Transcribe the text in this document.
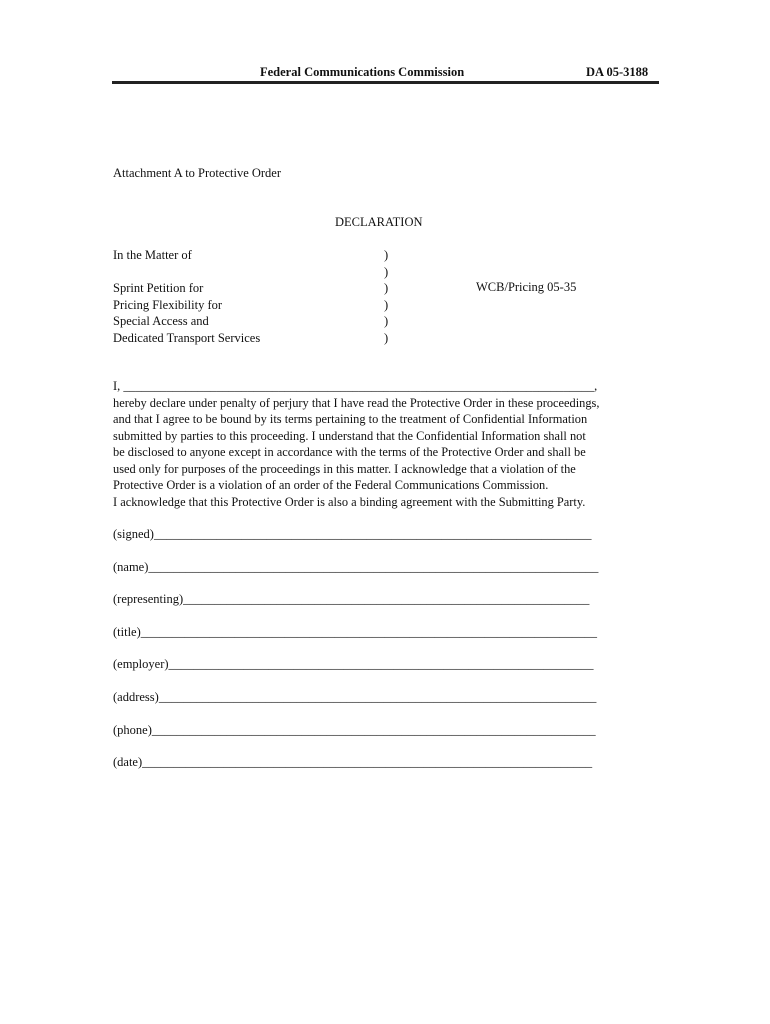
Federal Communications Commission	DA 05-3188
Attachment A to Protective Order
DECLARATION
In the Matter of
Sprint Petition for
Pricing Flexibility for
Special Access and
Dedicated Transport Services
)
)
)
)
)
)
WCB/Pricing 05-35
I, ____________________________________________________________________________,
hereby declare under penalty of perjury that I have read the Protective Order in these proceedings,
and that I agree to be bound by its terms pertaining to the treatment of Confidential Information
submitted by parties to this proceeding. I understand that the Confidential Information shall not
be disclosed to anyone except in accordance with the terms of the Protective Order and shall be
used only for purposes of the proceedings in this matter. I acknowledge that a violation of the
Protective Order is a violation of an order of the Federal Communications Commission.
I acknowledge that this Protective Order is also a binding agreement with the Submitting Party.
(signed)______________________________________________________________________
(name)________________________________________________________________________
(representing)_________________________________________________________________
(title)_________________________________________________________________________
(employer)____________________________________________________________________
(address)______________________________________________________________________
(phone)_______________________________________________________________________
(date)________________________________________________________________________
